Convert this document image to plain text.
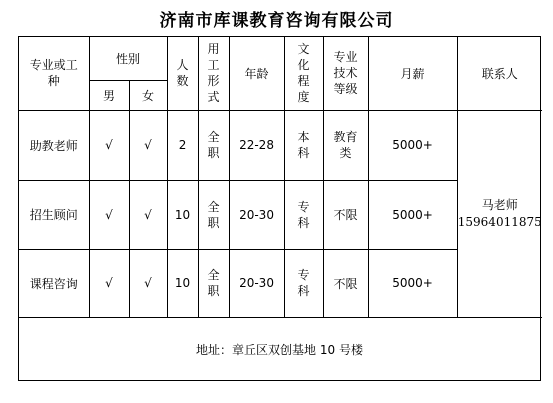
济南市库课教育咨询有限公司
专业或工种	性别		人数	用工形式	年龄	文化程度	专业技术等级	月薪	联系人
	男	女							
助教老师	√	√	2	全职	22-28	本科	教育类	5000+	马老师
15964011875

招生顾问	√	√	10	全职	20-30	专科	不限	5000+	
课程咨询	√	√	10	全职	20-30	专科	不限	5000+	
地址：章丘区双创基地 10 号楼
